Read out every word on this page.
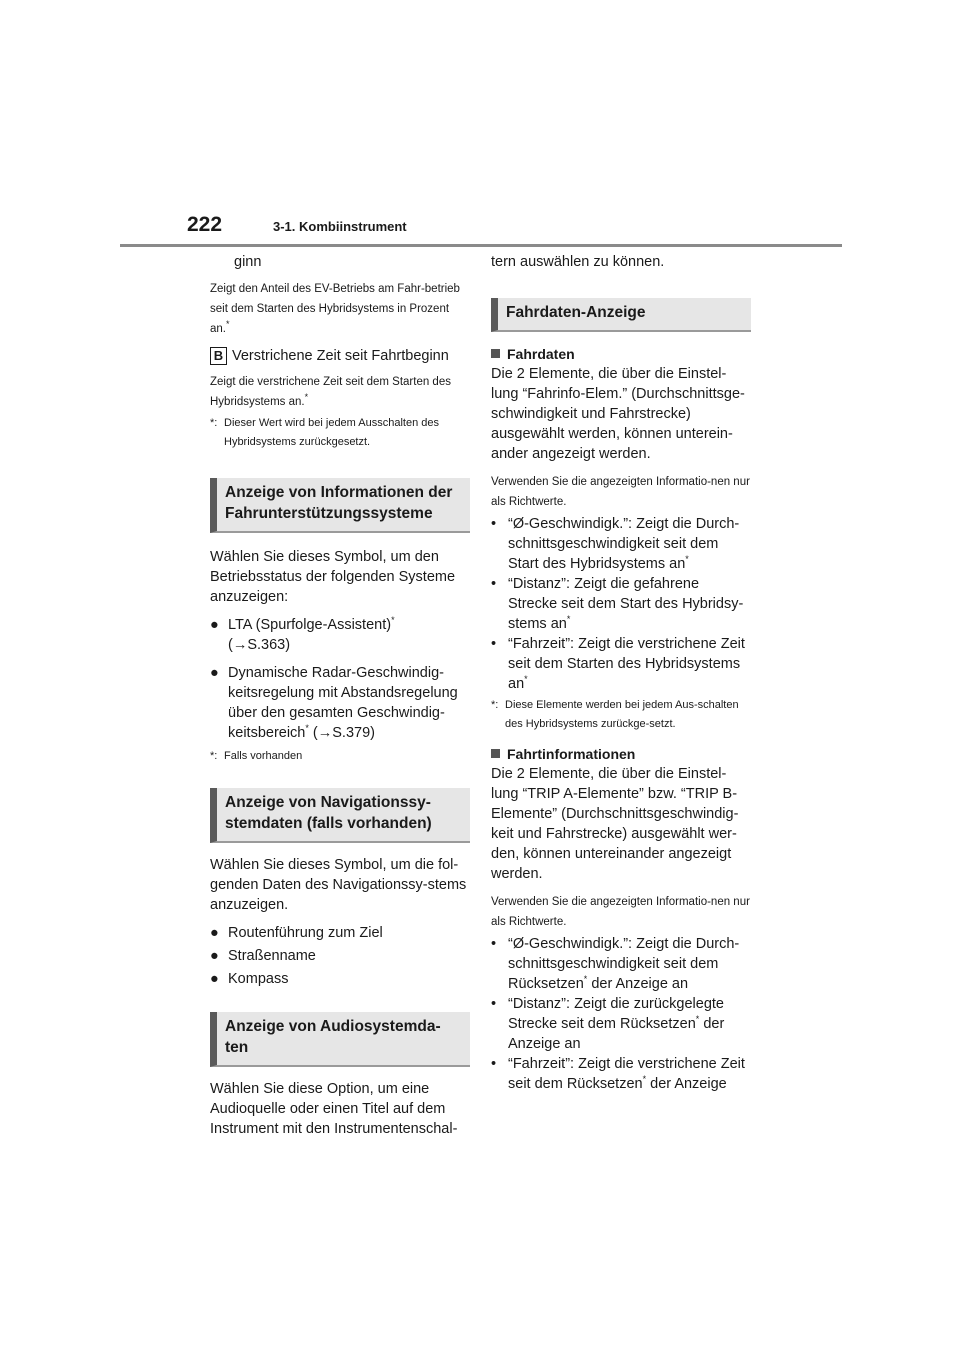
222	3-1. Kombiinstrument

ginn

Zeigt den Anteil des EV-Betriebs am Fahr-betrieb seit dem Starten des Hybridsystems in Prozent an.*

B Verstrichene Zeit seit Fahrtbeginn

Zeigt die verstrichene Zeit seit dem Starten des Hybridsystems an.*

*: Dieser Wert wird bei jedem Ausschalten des Hybridsystems zurückgesetzt.
Anzeige von Informationen der Fahrunterstützungssysteme

Wählen Sie dieses Symbol, um den Betriebsstatus der folgenden Systeme anzuzeigen:

● LTA (Spurfolge-Assistent)*
(→S.363)
● Dynamische Radar-Geschwindig-keitsregelung mit Abstandsregelung über den gesamten Geschwindig-keitsbereich* (→S.379)
*: Falls vorhanden
Anzeige von Navigationssy-stemdaten (falls vorhanden)

Wählen Sie dieses Symbol, um die fol-genden Daten des Navigationssy-stems anzuzeigen.

● Routenführung zum Ziel
● Straßenname
● Kompass
Anzeige von Audiosystemda-ten

Wählen Sie diese Option, um eine Audioquelle oder einen Titel auf dem Instrument mit den Instrumentenschal-

tern auswählen zu können.

Fahrdaten-Anzeige

Fahrdaten

Die 2 Elemente, die über die Einstel-lung “Fahrinfo-Elem.” (Durchschnittsge-schwindigkeit und Fahrstrecke) ausgewählt werden, können unterein-ander angezeigt werden.

Verwenden Sie die angezeigten Informatio-nen nur als Richtwerte.

• “Ø-Geschwindigk.”: Zeigt die Durch-schnittsgeschwindigkeit seit dem Start des Hybridsystems an*
• “Distanz”: Zeigt die gefahrene Strecke seit dem Start des Hybridsy-stems an*
• “Fahrzeit”: Zeigt die verstrichene Zeit seit dem Starten des Hybridsystems an*
*: Diese Elemente werden bei jedem Aus-schalten des Hybridsystems zurückge-setzt.

Fahrtinformationen

Die 2 Elemente, die über die Einstel-lung “TRIP A-Elemente” bzw. “TRIP B-Elemente” (Durchschnittsgeschwindig-keit und Fahrstrecke) ausgewählt wer-den, können untereinander angezeigt werden.

Verwenden Sie die angezeigten Informatio-nen nur als Richtwerte.

• “Ø-Geschwindigk.”: Zeigt die Durch-schnittsgeschwindigkeit seit dem Rücksetzen* der Anzeige an
• “Distanz”: Zeigt die zurückgelegte Strecke seit dem Rücksetzen* der Anzeige an
• “Fahrzeit”: Zeigt die verstrichene Zeit seit dem Rücksetzen* der Anzeige
